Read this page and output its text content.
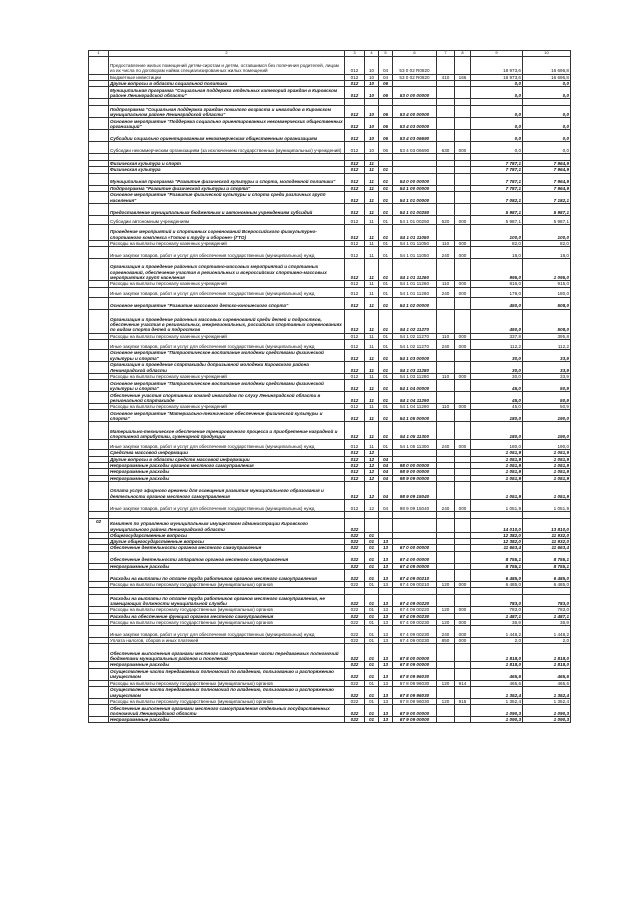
1	2	3	4	5	6	7	8	9	10
	Предоставление жилых помещений детям-сиротам и детям, оставшимся без попечения родителей, лицам из их числа по договорам найма специализированных жилых помещений	012	10	04	53 0 02 R0820			18 973,6	16 696,8
	Бюджетные инвестиции	012	10	04	53 0 02 R0820	410	166	18 973,6	16 696,8
	Другие вопросы в области социальной политики	012	10	06				0,0	0,0
	Муниципальная программа "Социальная поддержка отдельных категорий граждан в Кировском районе Ленинградской области"	012	10	06	53 0 00 00000			0,0	0,0

	Подпрограмма "Социальная поддержка граждан пожилого возраста и инвалидов в Кировском муниципальном районе Ленинградской области"	012	10	06	53 4 00 00000			0,0	0,0
	Основное мероприятие "Поддержка социально ориентированных некоммерческих общественных организаций"	012	10	06	53 4 03 00000			0,0	0,0
	Субсидии социально ориентированным некоммерческим общественным организациям	012	10	06	53 4 03 06690			0,0	0,0
	Субсидии некоммерческим организациям (за исключением государственных (муниципальных) учреждений)	012	10	06	53 4 03 06690	630	000	0,0	0,0

	Физическая культура и спорт	012	11					7 787,1	7 964,9
	Физическая культура	012	11	01				7 787,1	7 964,9
	Муниципальная программа "Развитие физической культуры и спорта, молодежной политики"	012	11	01	54 0 00 00000			7 787,1	7 964,9
	Подпрограмма "Развитие физической культуры и спорта"	012	11	01	54 1 00 00000			7 787,1	7 964,9
	Основное мероприятие "Развитие физической культуры и спорта среди различных групп населения"	012	11	01	54 1 01 00000			7 082,1	7 182,1
	Предоставление муниципальным бюджетным и автономным учреждениям субсидий	012	11	01	54 1 01 00250			5 987,1	5 987,1
	Субсидии автономным учреждениям	012	11	01	54 1 01 00250	620	000	5 987,1	5 987,1
	Проведение мероприятий и спортивных соревнований Всероссийского физкультурно-спортивного комплекса «Готов к труду и обороне» (ГТО)	012	11	01	54 1 01 11050			100,0	100,0
	Расходы на выплаты персоналу казенных учреждений	012	11	01	54 1 01 11050	110	000	82,0	82,0
	Иные закупки товаров, работ и услуг для обеспечения государственных (муниципальных) нужд	012	11	01	54 1 01 11050	240	000	18,0	18,0
	Организация и проведение районных спортивно-массовых мероприятий и спортивных соревнований, обеспечение участия в региональных и всероссийских спортивно-массовых мероприятиях групп населения	012	11	01	54 1 01 11260			995,0	1 095,0
	Расходы на выплаты персоналу казенных учреждений	012	11	01	54 1 01 11260	110	000	816,0	915,0
	Иные закупки товаров, работ и услуг для обеспечения государственных (муниципальных) нужд	012	11	01	54 1 01 11260	240	000	179,0	180,0
	Основное мероприятие "Развитие массового детско-юношеского спорта"	012	11	01	54 1 02 00000			450,0	508,0
	Организация и проведение районных массовых соревнований среди детей и подростков, обеспечение участия в региональных, межрегиональных, российских спортивных соревнованиях по видам спорта детей и подростков	012	11	01	54 1 02 11270			450,0	508,0
	Расходы на выплаты персоналу казенных учреждений	012	11	01	54 1 02 11270	110	000	337,8	395,8
	Иные закупки товаров, работ и услуг для обеспечения государственных (муниципальных) нужд	012	11	01	54 1 02 11270	240	000	112,2	112,2
	Основное мероприятие "Патриотическое воспитание молодежи средствами физической культуры и спорта"	012	11	01	54 1 03 00000			30,0	33,9
	Организация и проведение спартакиады допризывной молодежи Кировского района Ленинградской области	012	11	01	54 1 03 11280			30,0	33,9
	Расходы на выплаты персоналу казенных учреждений	012	11	01	54 1 03 11280	110	000	30,0	33,9
	Основное мероприятие "Патриотическое воспитание молодежи средствами физической культуры и спорта"	012	11	01	54 1 04 00000			45,0	50,9
	Обеспечение участия спортивных команд инвалидов по слуху Ленинградской области в региональной спартакиаде	012	11	01	54 1 04 11290			45,0	50,9
	Расходы на выплаты персоналу казенных учреждений	012	11	01	54 1 04 11290	110	000	45,0	50,9
	Основное мероприятие "Материально-техническое обеспечение физической культуры и спорта"	012	11	01	54 1 05 00000			180,0	190,0
	Материально-техническое обеспечение тренировочного процесса и приобретение наградной и спортивной атрибутики, сувенирной продукции	012	11	01	54 1 05 11300			180,0	190,0
	Иные закупки товаров, работ и услуг для обеспечения государственных (муниципальных) нужд	012	11	01	54 1 05 11300	240	000	180,0	190,0
	Средства массовой информации	012	12					1 051,9	1 051,9
	Другие вопросы в области средств массовой информации	012	12	04				1 051,9	1 051,9
	Непрограммные расходы органов местного самоуправления	012	12	04	98 0 00 00000			1 051,9	1 051,9
	Непрограммные расходы	012	12	04	98 9 00 00000			1 051,9	1 051,9
	Непрограммные расходы	012	12	04	98 9 09 00000			1 051,9	1 051,9
	Оплата услуг эфирного времени для освещения развития муниципального образования и деятельности органов местного самоуправления	012	12	04	98 9 09 15040			1 051,9	1 051,9
	Иные закупки товаров, работ и услуг для обеспечения государственных (муниципальных) нужд	012	12	04	98 9 09 15040	240	000	1 051,9	1 051,9

02	Комитет по управлению муниципальным имуществом администрации Кировского муниципального района Ленинградской области	022						14 010,0	13 810,0
	Общегосударственные вопросы	022	01					12 382,0	11 932,0
	Другие общегосударственные вопросы	022	01	13				12 382,0	11 932,0
	Обеспечение деятельности органов местного самоуправления	022	01	13	67 0 00 00000			11 663,4	11 663,4
	Обеспечение деятельности аппаратов органов местного самоуправления	022	01	13	67 4 00 00000			8 755,1	8 755,1
	Непрограммные расходы	022	01	13	67 4 09 00000			8 755,1	8 755,1
	Расходы на выплаты по оплате труда работников органов местного самоуправления	022	01	13	67 4 09 00210			6 485,0	6 485,0
	Расходы на выплаты персоналу государственных (муниципальных) органов	022	01	13	67 4 09 00210	120	000	6 485,0	6 485,0

	Расходы на выплаты по оплате труда работников органов местного самоуправления, не замещающих должности муниципальной службы	022	01	13	67 4 09 00220			783,0	783,0
	Расходы на выплаты персоналу государственных (муниципальных) органов	022	01	13	67 4 09 00220	120	000	783,0	783,0
	Расходы на обеспечение функций органов местного самоуправления	022	01	13	67 4 09 00230			1 487,1	1 487,1
	Расходы на выплаты персоналу государственных (муниципальных) органов	022	01	13	67 4 09 00230	120	000	36,9	36,9
	Иные закупки товаров, работ и услуг для обеспечения государственных (муниципальных) нужд	022	01	13	67 4 09 00230	240	000	1 448,2	1 448,2
	Уплата налогов, сборов и иных платежей	022	01	13	67 4 09 00230	850	000	2,0	2,0
	Обеспечение выполнения органами местного самоуправления части передаваемых полномочий бюджетами муниципальных районов и поселений	022	01	13	67 8 00 00000			1 818,0	1 818,0
	Непрограммные расходы	022	01	13	67 8 09 00000			1 818,0	1 818,0
	Осуществление части передаваемых полномочий по владению, пользованию и распоряжению имуществом	022	01	13	67 8 09 96030			465,6	465,6
	Расходы на выплаты персоналу государственных (муниципальных) органов	022	01	13	67 8 09 96030	120	914	465,6	465,6
	Осуществление части передаваемых полномочий по владению, пользованию и распоряжению имуществом	022	01	13	67 8 09 96030			1 352,4	1 352,4
	Расходы на выплаты персоналу государственных (муниципальных) органов	022	01	13	67 8 09 96030	120	915	1 352,4	1 352,4
	Обеспечение выполнения органами местного самоуправления отдельных государственных полномочий Ленинградской области	022	01	13	67 9 00 00000			1 090,3	1 090,3
	Непрограммные расходы	022	01	13	67 9 09 00000			1 090,3	1 090,3
